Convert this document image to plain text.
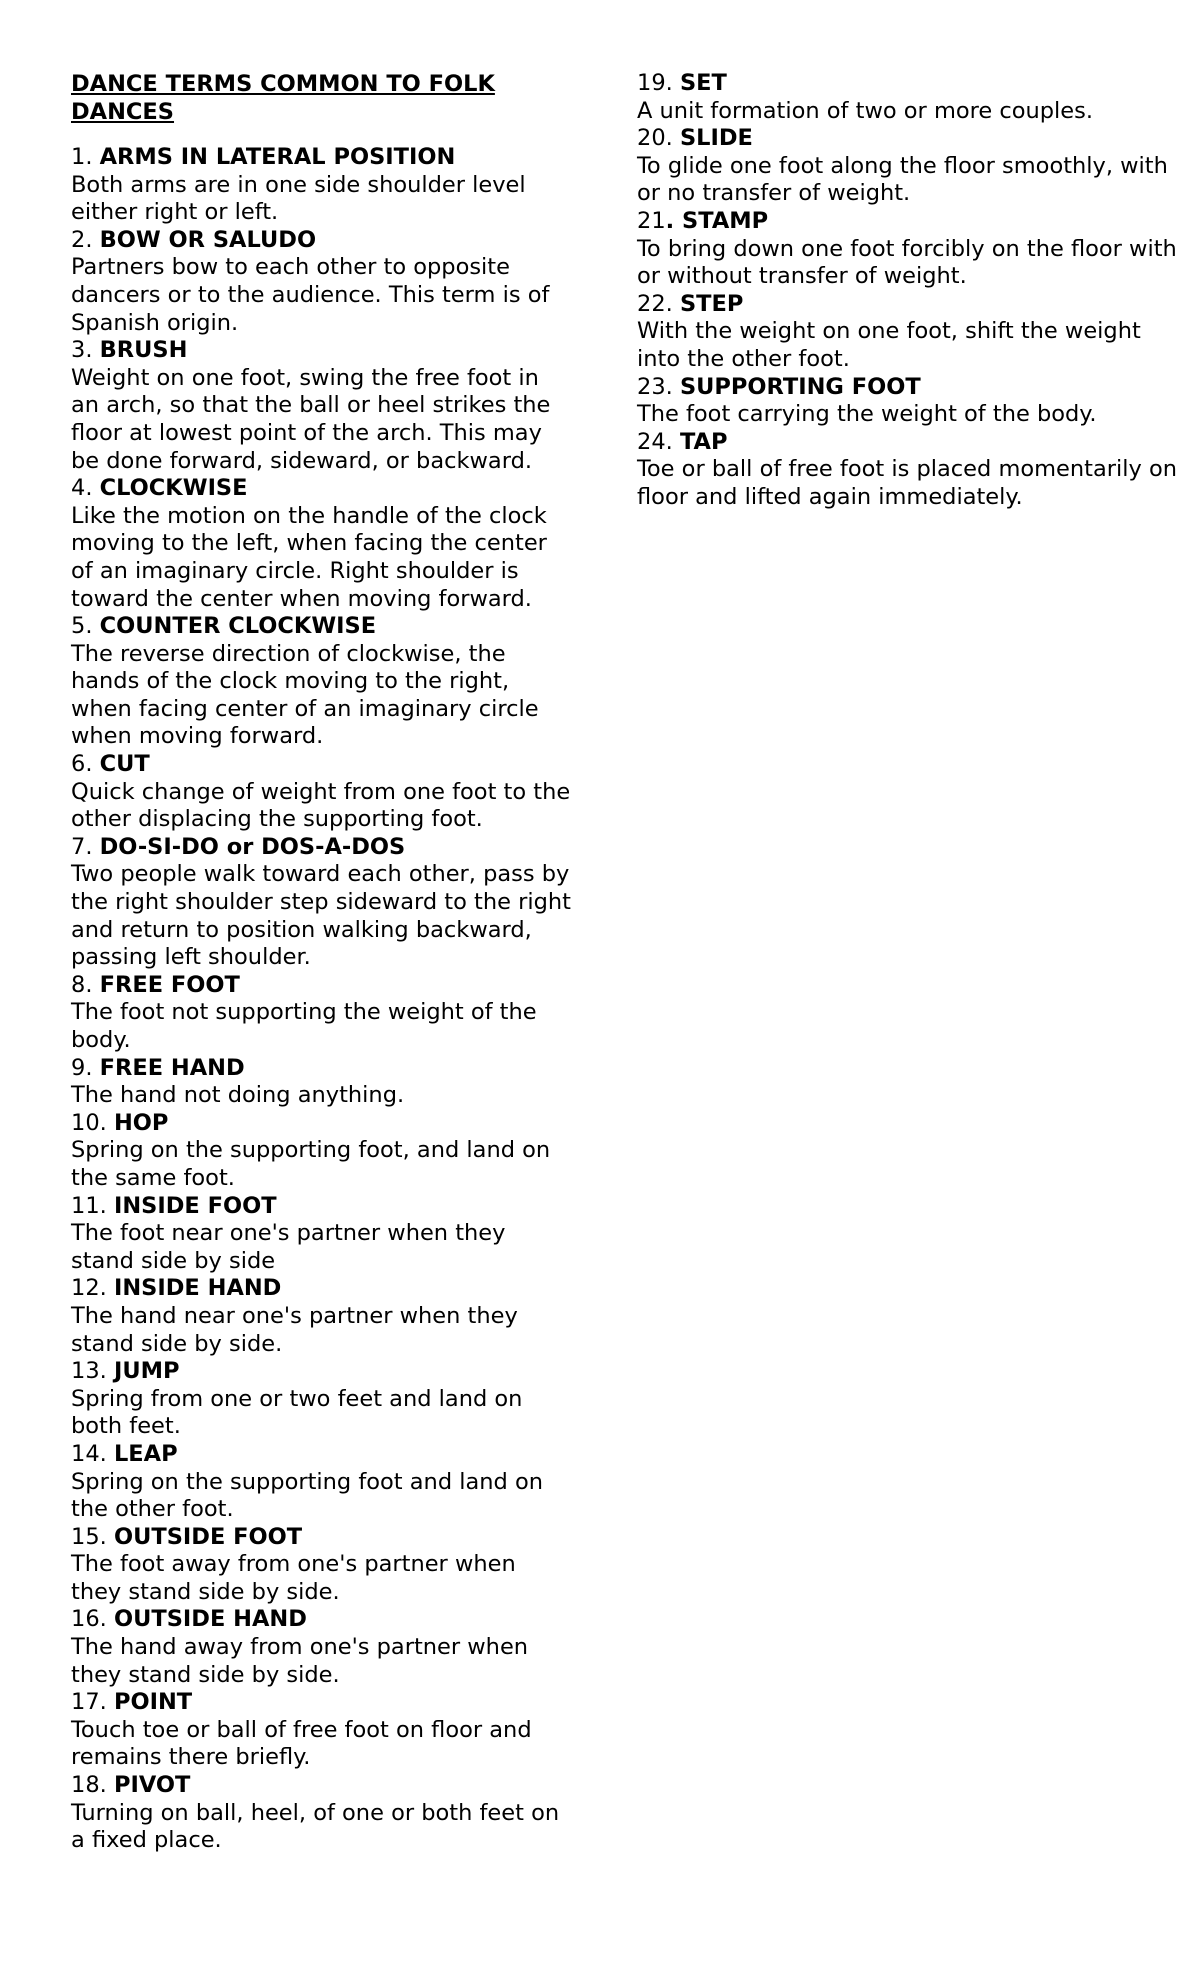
DANCE TERMS COMMON TO FOLK DANCES
1. ARMS IN LATERAL POSITION
Both arms are in one side shoulder level either right or left.
2. BOW OR SALUDO
Partners bow to each other to opposite dancers or to the audience. This term is of Spanish origin.
3. BRUSH
Weight on one foot, swing the free foot in an arch, so that the ball or heel strikes the floor at lowest point of the arch. This may be done forward, sideward, or backward.
4. CLOCKWISE
Like the motion on the handle of the clock moving to the left, when facing the center of an imaginary circle. Right shoulder is toward the center when moving forward.
5. COUNTER CLOCKWISE
The reverse direction of clockwise, the hands of the clock moving to the right, when facing center of an imaginary circle when moving forward.
6. CUT
Quick change of weight from one foot to the other displacing the supporting foot.
7. DO-SI-DO or DOS-A-DOS
Two people walk toward each other, pass by the right shoulder step sideward to the right and return to position walking backward, passing left shoulder.
8. FREE FOOT
The foot not supporting the weight of the body.
9. FREE HAND
The hand not doing anything.
10. HOP
Spring on the supporting foot, and land on the same foot.
11. INSIDE FOOT
The foot near one's partner when they stand side by side
12. INSIDE HAND
The hand near one's partner when they stand side by side.
13. JUMP
Spring from one or two feet and land on both feet.
14. LEAP
Spring on the supporting foot and land on the other foot.
15. OUTSIDE FOOT
The foot away from one's partner when they stand side by side.
16. OUTSIDE HAND
The hand away from one's partner when they stand side by side.
17. POINT
Touch toe or ball of free foot on floor and remains there briefly.
18. PIVOT
Turning on ball, heel, of one or both feet on a fixed place.
19. SET
A unit formation of two or more couples.
20. SLIDE
To glide one foot along the floor smoothly, with or no transfer of weight.
21. STAMP
To bring down one foot forcibly on the floor with or without transfer of weight.
22. STEP
With the weight on one foot, shift the weight into the other foot.
23. SUPPORTING FOOT
The foot carrying the weight of the body.
24. TAP
Toe or ball of free foot is placed momentarily on floor and lifted again immediately.
